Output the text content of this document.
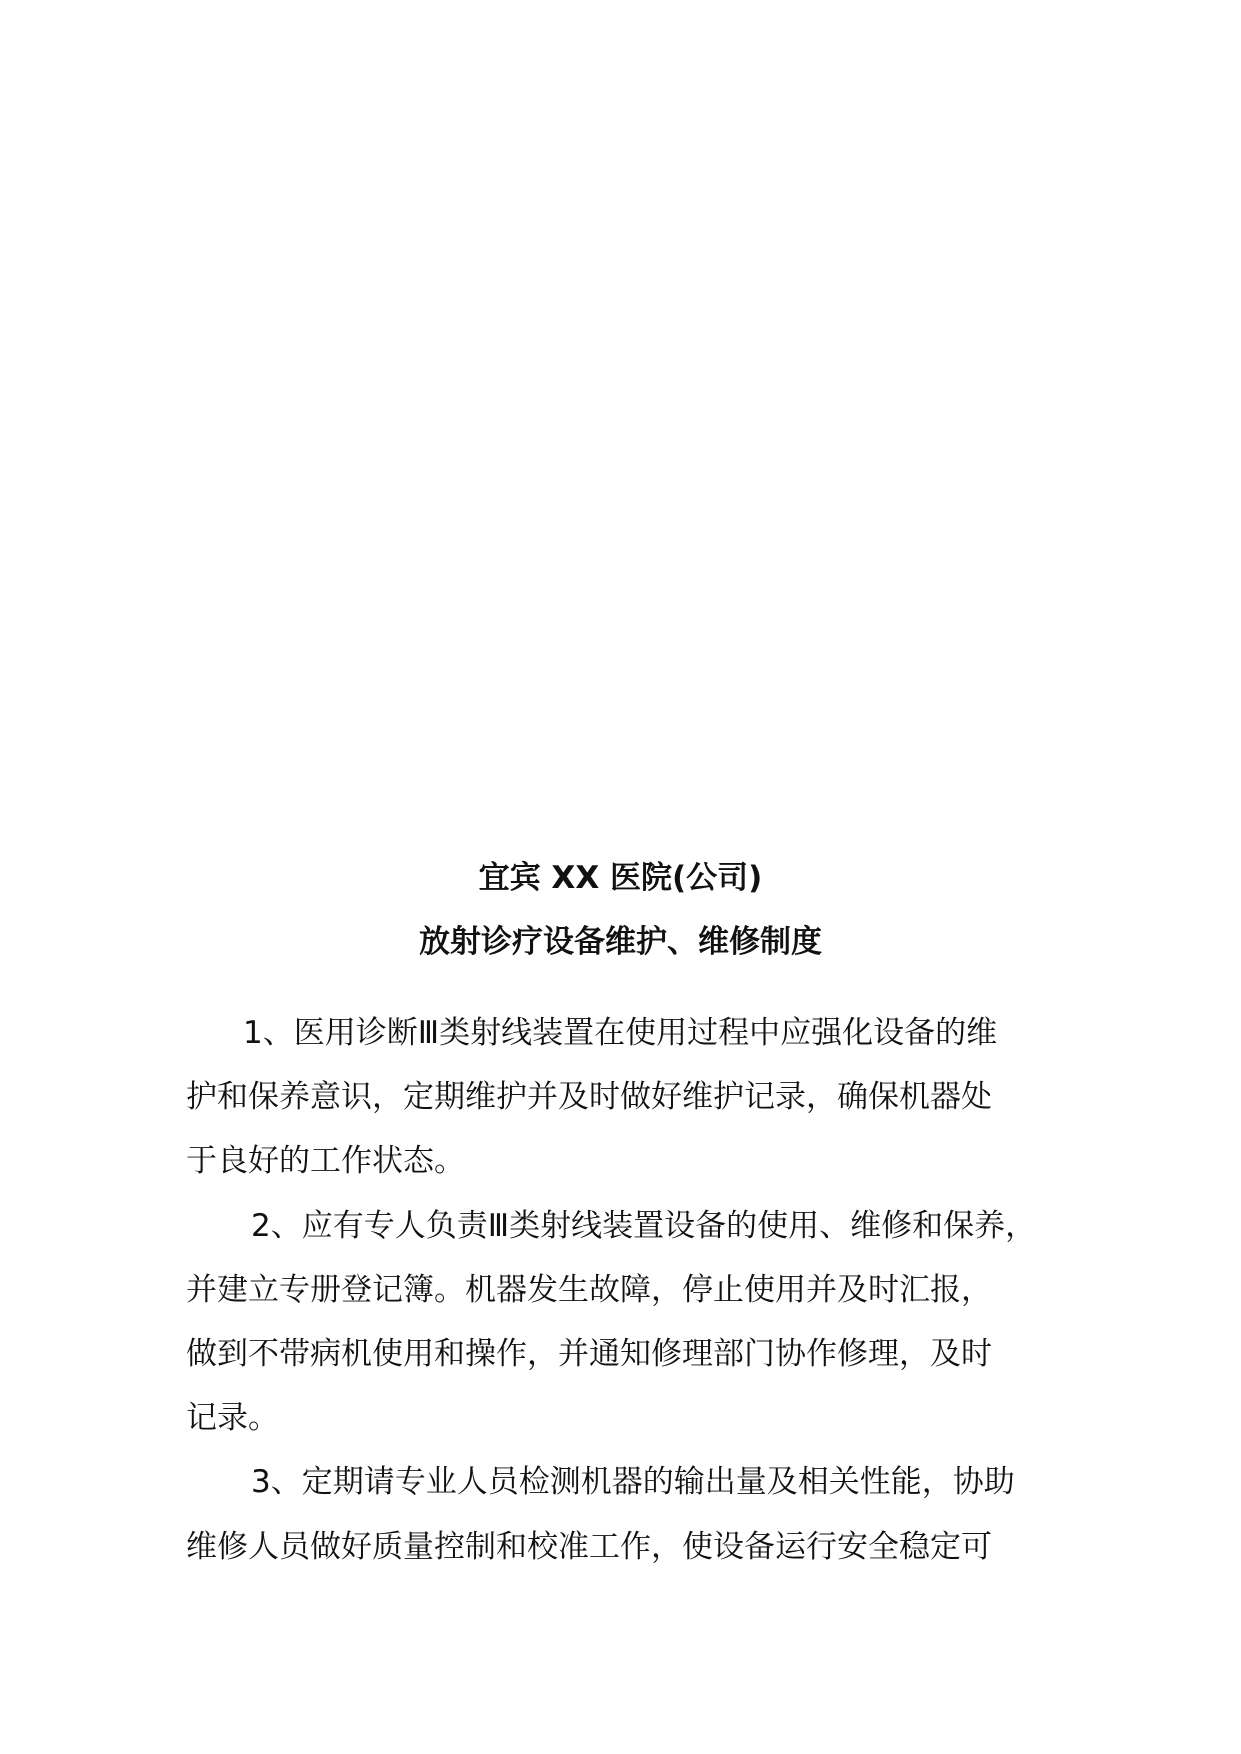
宜宾 XX 医院(公司)
放射诊疗设备维护、维修制度
1、医用诊断Ⅲ类射线装置在使用过程中应强化设备的维
护和保养意识，定期维护并及时做好维护记录，确保机器处
于良好的工作状态。
2、应有专人负责Ⅲ类射线装置设备的使用、维修和保养，
并建立专册登记簿。机器发生故障，停止使用并及时汇报，
做到不带病机使用和操作，并通知修理部门协作修理，及时
记录。
3、定期请专业人员检测机器的输出量及相关性能，协助
维修人员做好质量控制和校准工作，使设备运行安全稳定可
